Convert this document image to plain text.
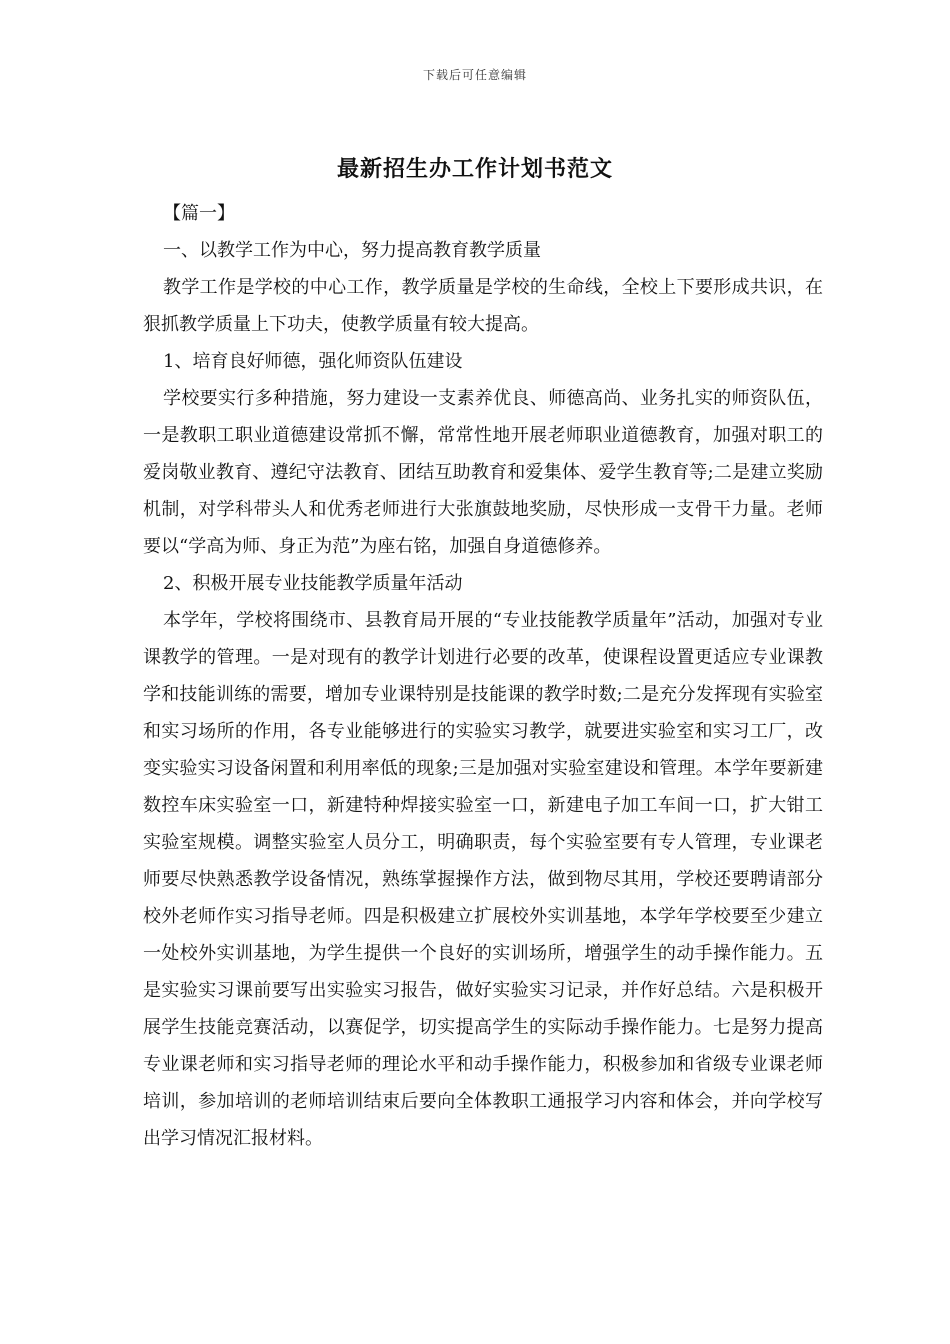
下载后可任意编辑
最新招生办工作计划书范文

【篇一】

一、以教学工作为中心，努力提高教育教学质量

教学工作是学校的中心工作，教学质量是学校的生命线，全校上下要形成共识，在狠抓教学质量上下功夫，使教学质量有较大提高。

1、培育良好师德，强化师资队伍建设

学校要实行多种措施，努力建设一支素养优良、师德高尚、业务扎实的师资队伍，一是教职工职业道德建设常抓不懈，常常性地开展老师职业道德教育，加强对职工的爱岗敬业教育、遵纪守法教育、团结互助教育和爱集体、爱学生教育等;二是建立奖励机制，对学科带头人和优秀老师进行大张旗鼓地奖励，尽快形成一支骨干力量。老师要以“学高为师、身正为范”为座右铭，加强自身道德修养。

2、积极开展专业技能教学质量年活动

本学年，学校将围绕市、县教育局开展的“专业技能教学质量年”活动，加强对专业课教学的管理。一是对现有的教学计划进行必要的改革，使课程设置更适应专业课教学和技能训练的需要，增加专业课特别是技能课的教学时数;二是充分发挥现有实验室和实习场所的作用，各专业能够进行的实验实习教学，就要进实验室和实习工厂，改变实验实习设备闲置和利用率低的现象;三是加强对实验室建设和管理。本学年要新建数控车床实验室一口，新建特种焊接实验室一口，新建电子加工车间一口，扩大钳工实验室规模。调整实验室人员分工，明确职责，每个实验室要有专人管理，专业课老师要尽快熟悉教学设备情况，熟练掌握操作方法，做到物尽其用，学校还要聘请部分校外老师作实习指导老师。四是积极建立扩展校外实训基地，本学年学校要至少建立一处校外实训基地，为学生提供一个良好的实训场所，增强学生的动手操作能力。五是实验实习课前要写出实验实习报告，做好实验实习记录，并作好总结。六是积极开展学生技能竞赛活动，以赛促学，切实提高学生的实际动手操作能力。七是努力提高专业课老师和实习指导老师的理论水平和动手操作能力，积极参加和省级专业课老师培训，参加培训的老师培训结束后要向全体教职工通报学习内容和体会，并向学校写出学习情况汇报材料。
